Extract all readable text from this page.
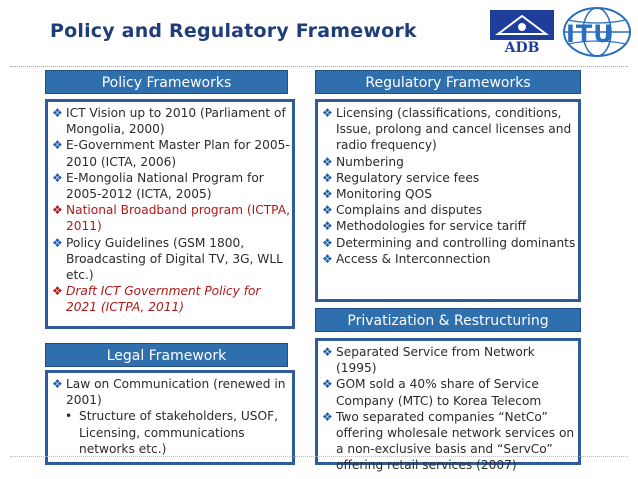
Policy and Regulatory Framework
ADB	ITU
Policy Frameworks
❖ ICT Vision up to 2010 (Parliament of Mongolia, 2000)
❖ E-Government Master Plan for 2005-2010 (ICTA, 2006)
❖ E-Mongolia National Program for 2005-2012 (ICTA, 2005)
❖ National Broadband program (ICTPA, 2011)
❖ Policy Guidelines (GSM 1800, Broadcasting of Digital TV, 3G, WLL etc.)
❖ Draft ICT Government Policy for 2021 (ICTPA, 2011)
Regulatory Frameworks
❖ Licensing (classifications, conditions, Issue, prolong and cancel licenses and radio frequency)
❖ Numbering
❖ Regulatory service fees
❖ Monitoring QOS
❖ Complains and disputes
❖ Methodologies for service tariff
❖ Determining and controlling dominants
❖ Access & Interconnection
Privatization & Restructuring
❖ Separated Service from Network (1995)
❖ GOM sold a 40% share of Service Company (MTC) to Korea Telecom
❖ Two separated companies “NetCo” offering wholesale network services on a non-exclusive basis and “ServCo” offering retail services (2007)
Legal Framework
❖ Law on Communication (renewed in 2001)
• Structure of stakeholders, USOF, Licensing, communications networks etc.)
